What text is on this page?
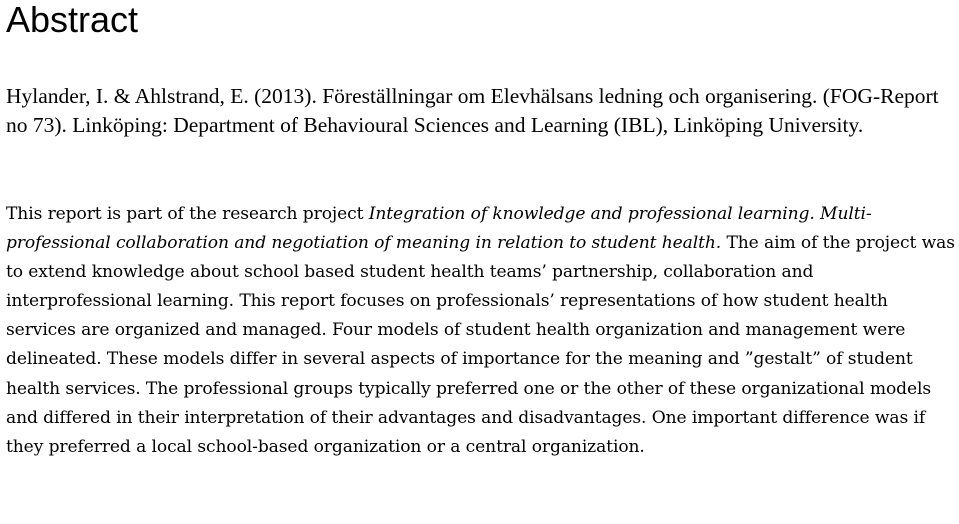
Abstract

Hylander, I. & Ahlstrand, E. (2013). Föreställningar om Elevhälsans ledning och organisering. (FOG-Report no 73). Linköping: Department of Behavioural Sciences and Learning (IBL), Linköping University.

This report is part of the research project Integration of knowledge and professional learning. Multi-professional collaboration and negotiation of meaning in relation to student health. The aim of the project was to extend knowledge about school based student health teams’ partnership, collaboration and interprofessional learning. This report focuses on professionals’ representations of how student health services are organized and managed. Four models of student health organization and management were delineated. These models differ in several aspects of importance for the meaning and ”gestalt” of student health services. The professional groups typically preferred one or the other of these organizational models and differed in their interpretation of their advantages and disadvantages. One important difference was if they preferred a local school-based organization or a central organization.
